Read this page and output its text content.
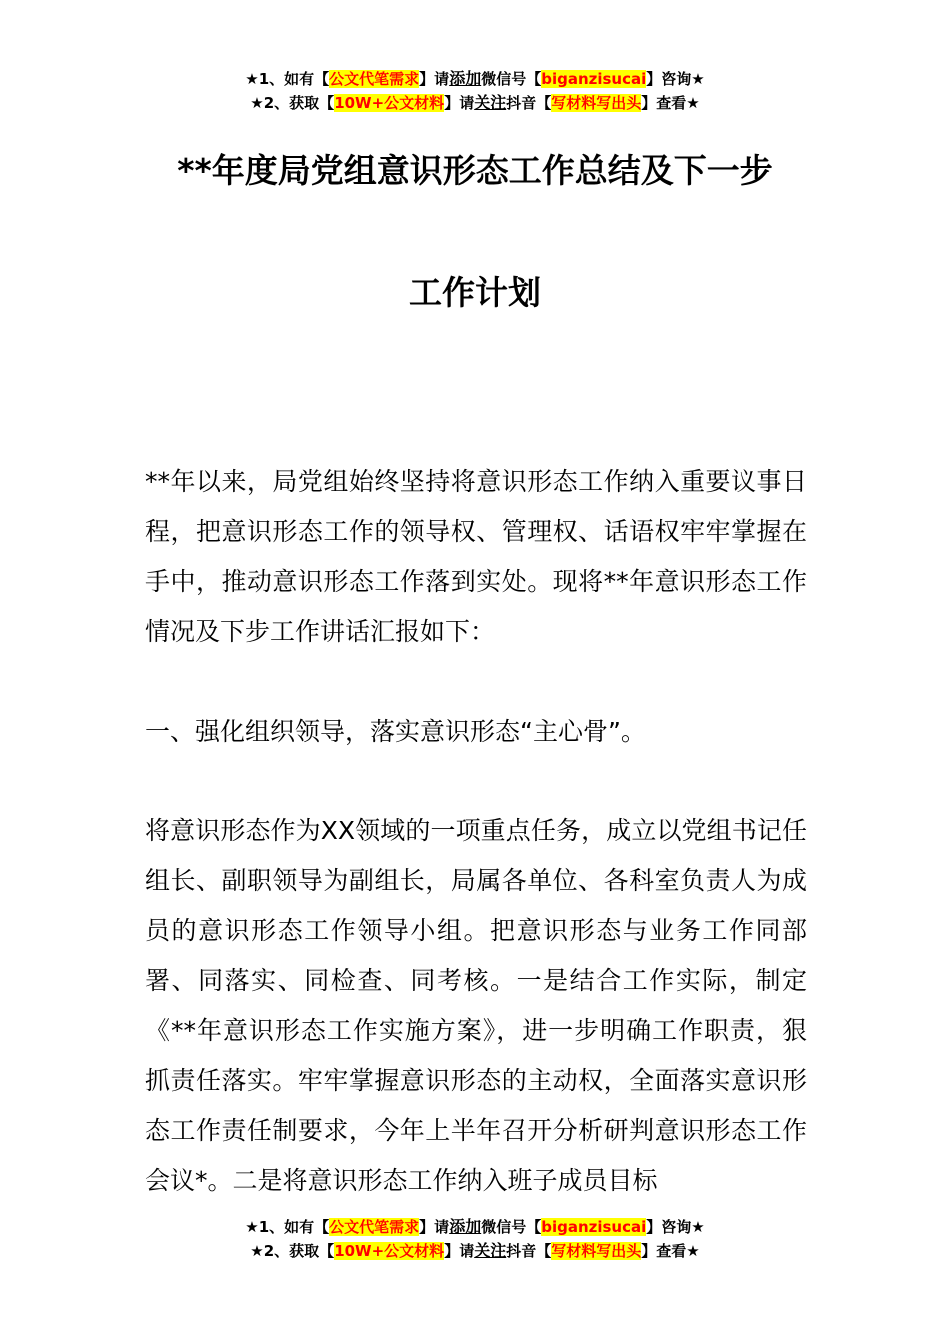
★1、如有【公文代笔需求】请添加微信号【biganzisucai】咨询★
★2、获取【10W+公文材料】请关注抖音【写材料写出头】查看★
**年度局党组意识形态工作总结及下一步
工作计划

**年以来，局党组始终坚持将意识形态工作纳入重要议事日程，把意识形态工作的领导权、管理权、话语权牢牢掌握在手中，推动意识形态工作落到实处。现将**年意识形态工作情况及下步工作讲话汇报如下：

一、强化组织领导，落实意识形态“主心骨”。

将意识形态作为XX领域的一项重点任务，成立以党组书记任组长、副职领导为副组长，局属各单位、各科室负责人为成员的意识形态工作领导小组。把意识形态与业务工作同部署、同落实、同检查、同考核。一是结合工作实际，制定《**年意识形态工作实施方案》，进一步明确工作职责，狠抓责任落实。牢牢掌握意识形态的主动权，全面落实意识形态工作责任制要求，今年上半年召开分析研判意识形态工作会议*。二是将意识形态工作纳入班子成员目标

★1、如有【公文代笔需求】请添加微信号【biganzisucai】咨询★
★2、获取【10W+公文材料】请关注抖音【写材料写出头】查看★
